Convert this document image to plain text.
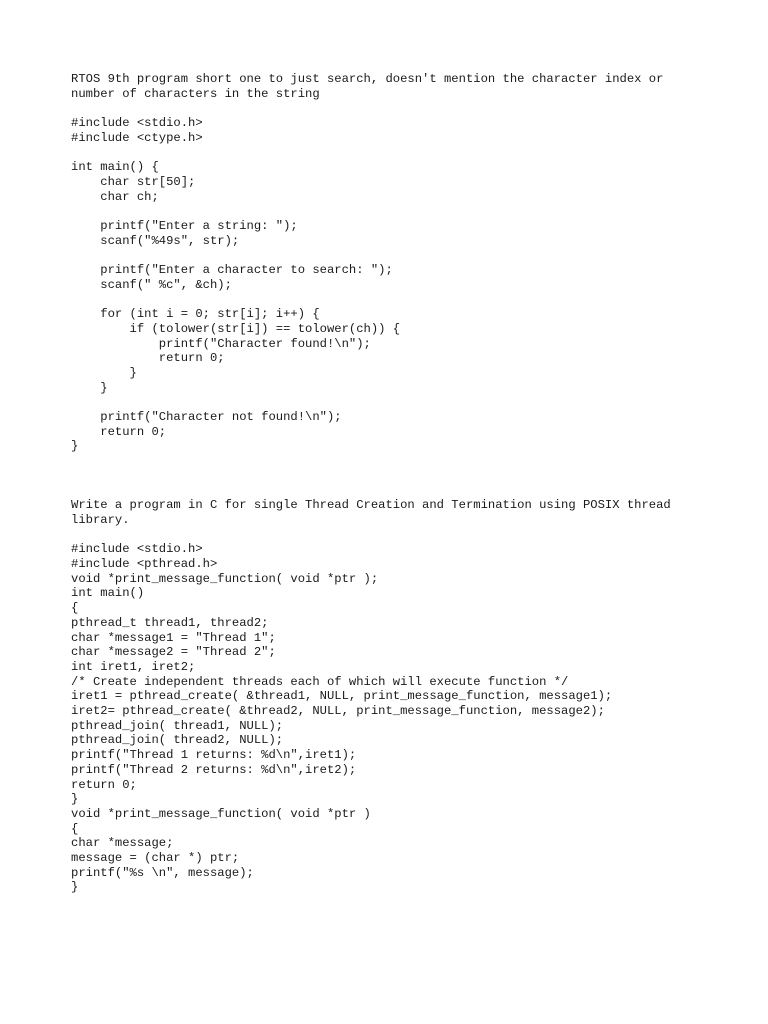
RTOS 9th program short one to just search, doesn't mention the character index or number of characters in the string

#include <stdio.h>
#include <ctype.h>
int main() {
char str[50];
char ch;
printf("Enter a string: ");
scanf("%49s", str);
printf("Enter a character to search: ");
scanf(" %c", &ch);
for (int i = 0; str[i]; i++) {
if (tolower(str[i]) == tolower(ch)) {
printf("Character found!\n");
return 0;
}
}
printf("Character not found!\n");
return 0;
}

Write a program in C for single Thread Creation and Termination using POSIX thread library.

#include <stdio.h>
#include <pthread.h>
void *print_message_function( void *ptr );
int main()
{
pthread_t thread1, thread2;
char *message1 = "Thread 1";
char *message2 = "Thread 2";
int iret1, iret2;
/* Create independent threads each of which will execute function */
iret1 = pthread_create( &thread1, NULL, print_message_function, message1);
iret2= pthread_create( &thread2, NULL, print_message_function, message2);
pthread_join( thread1, NULL);
pthread_join( thread2, NULL);
printf("Thread 1 returns: %d\n",iret1);
printf("Thread 2 returns: %d\n",iret2);
return 0;
}
void *print_message_function( void *ptr )
{
char *message;
message = (char *) ptr;
printf("%s \n", message);
}
